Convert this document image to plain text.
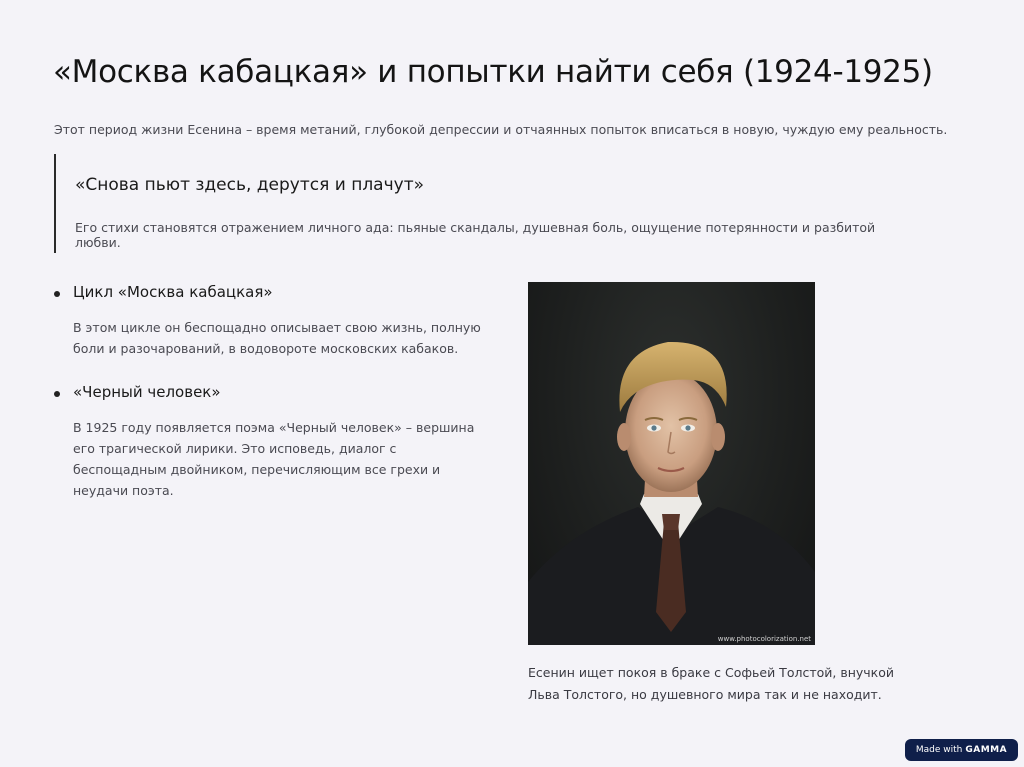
«Москва кабацкая» и попытки найти себя (1924-1925)

Этот период жизни Есенина – время метаний, глубокой депрессии и отчаянных попыток вписаться в новую, чуждую ему реальность.

«Снова пьют здесь, дерутся и плачут»
Его стихи становятся отражением личного ада: пьяные скандалы, душевная боль, ощущение потерянности и разбитой любви.
Цикл «Москва кабацкая»
В этом цикле он беспощадно описывает свою жизнь, полную боли и разочарований, в водовороте московских кабаков.
«Черный человек»
В 1925 году появляется поэма «Черный человек» – вершина его трагической лирики. Это исповедь, диалог с беспощадным двойником, перечисляющим все грехи и неудачи поэта.
www.photocolorization.net

Есенин ищет покоя в браке с Софьей Толстой, внучкой Льва Толстого, но душевного мира так и не находит.

Made with GAMMA
